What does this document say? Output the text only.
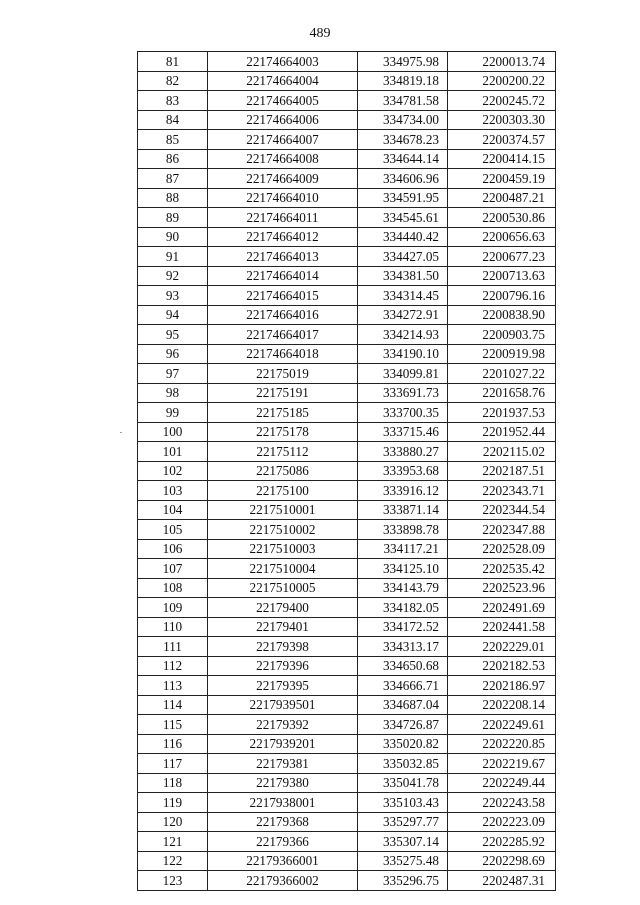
489
81	22174664003	334975.98	2200013.74
82	22174664004	334819.18	2200200.22
83	22174664005	334781.58	2200245.72
84	22174664006	334734.00	2200303.30
85	22174664007	334678.23	2200374.57
86	22174664008	334644.14	2200414.15
87	22174664009	334606.96	2200459.19
88	22174664010	334591.95	2200487.21
89	22174664011	334545.61	2200530.86
90	22174664012	334440.42	2200656.63
91	22174664013	334427.05	2200677.23
92	22174664014	334381.50	2200713.63
93	22174664015	334314.45	2200796.16
94	22174664016	334272.91	2200838.90
95	22174664017	334214.93	2200903.75
96	22174664018	334190.10	2200919.98
97	22175019	334099.81	2201027.22
98	22175191	333691.73	2201658.76
99	22175185	333700.35	2201937.53
100	22175178	333715.46	2201952.44
101	22175112	333880.27	2202115.02
102	22175086	333953.68	2202187.51
103	22175100	333916.12	2202343.71
104	2217510001	333871.14	2202344.54
105	2217510002	333898.78	2202347.88
106	2217510003	334117.21	2202528.09
107	2217510004	334125.10	2202535.42
108	2217510005	334143.79	2202523.96
109	22179400	334182.05	2202491.69
110	22179401	334172.52	2202441.58
111	22179398	334313.17	2202229.01
112	22179396	334650.68	2202182.53
113	22179395	334666.71	2202186.97
114	2217939501	334687.04	2202208.14
115	22179392	334726.87	2202249.61
116	2217939201	335020.82	2202220.85
117	22179381	335032.85	2202219.67
118	22179380	335041.78	2202249.44
119	2217938001	335103.43	2202243.58
120	22179368	335297.77	2202223.09
121	22179366	335307.14	2202285.92
122	22179366001	335275.48	2202298.69
123	22179366002	335296.75	2202487.31
